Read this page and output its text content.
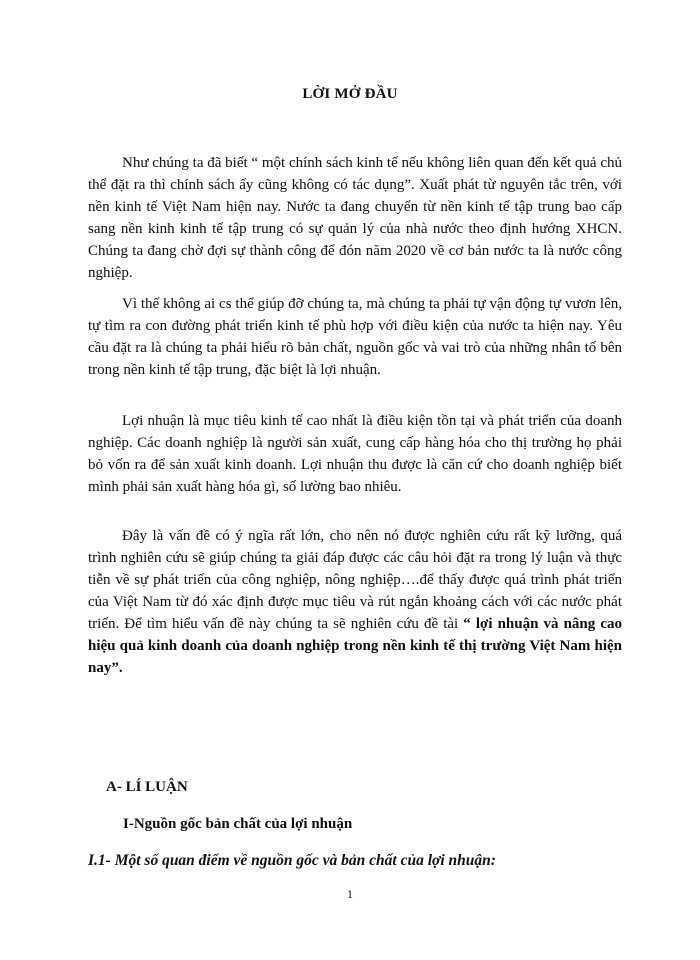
LỜI MỞ ĐẦU

Như chúng ta đã biết “ một chính sách kinh tế nếu không liên quan đến kết quả chủ thể đặt ra thì chính sách ấy cũng không có tác dụng”. Xuất phát từ nguyên tắc trên, với nền kinh tế Việt Nam hiện nay. Nước ta đang chuyển từ nền kinh tế tập trung bao cấp sang nền kinh kinh tế tập trung có sự quản lý của nhà nước theo định hướng XHCN. Chúng ta đang chờ đợi sự thành công để đón năm 2020 về cơ bản nước ta là nước công nghiệp.

Vì thế không ai cs thể giúp đỡ chúng ta, mà chúng ta phải tự vận động tự vươn lên, tự tìm ra con đường phát triển kinh tế phù hợp với điều kiện của nước ta hiện nay. Yêu cầu đặt ra là chúng ta phải hiểu rõ bản chất, nguồn gốc và vai trò của những nhân tố bên trong nền kinh tế tập trung, đặc biệt là lợi nhuận.

Lợi nhuận là mục tiêu kinh tế cao nhất là điều kiện tồn tại và phát triển của doanh nghiệp. Các doanh nghiệp là người sản xuất, cung cấp hàng hóa cho thị trường họ phải bỏ vốn ra để sản xuất kinh doanh. Lợi nhuận thu được là căn cứ cho doanh nghiệp biết mình phải sản xuất hàng hóa gì, số lường bao nhiêu.

Đây là vấn đề có ý ngĩa rất lớn, cho nên nó được nghiên cứu rất kỹ lưỡng, quá trình nghiên cứu sẽ giúp chúng ta giải đáp được các câu hỏi đặt ra trong lý luận và thực tiễn về sự phát triển của công nghiệp, nông nghiệp….để thấy được quá trình phát triển của Việt Nam từ đó xác định được mục tiêu và rút ngắn khoảng cách với các nước phát triển. Để tìm hiểu vấn đề này chúng ta sẽ nghiên cứu đề tài “ lợi nhuận và nâng cao hiệu quả kinh doanh của doanh nghiệp trong nền kinh tế thị trường Việt Nam hiện nay”.

A- LÍ LUẬN
I-Nguồn gốc bản chất của lợi nhuận
I.1- Một số quan điểm về nguồn gốc và bản chất của lợi nhuận:
1
